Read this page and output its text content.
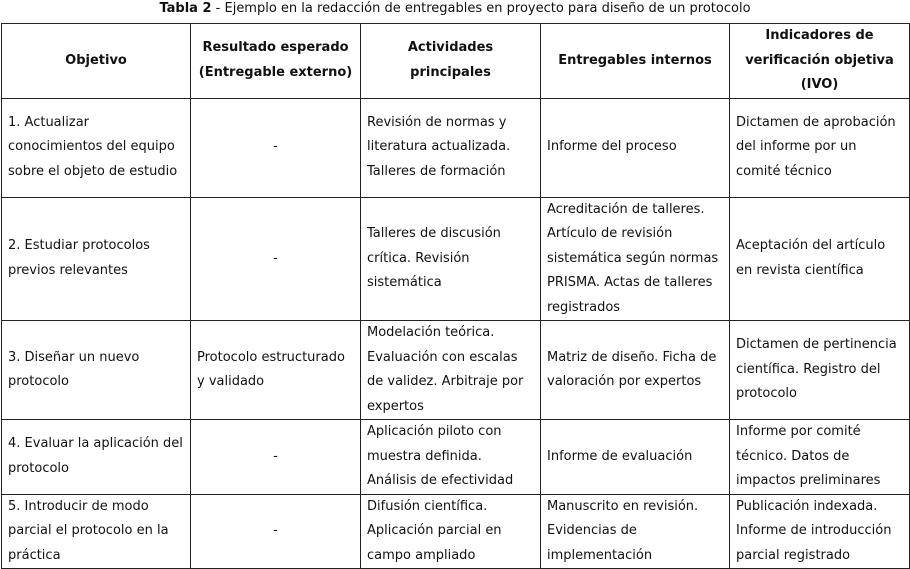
Tabla 2 - Ejemplo en la redacción de entregables en proyecto para diseño de un protocolo
Objetivo	Resultado esperado (Entregable externo)	Actividades principales	Entregables internos	Indicadores de verificación objetiva (IVO)
1. Actualizar conocimientos del equipo sobre el objeto de estudio	-	Revisión de normas y literatura actualizada. Talleres de formación	Informe del proceso	Dictamen de aprobación del informe por un comité técnico
2. Estudiar protocolos previos relevantes	-	Talleres de discusión crítica. Revisión sistemática	Acreditación de talleres. Artículo de revisión sistemática según normas PRISMA. Actas de talleres registrados	Aceptación del artículo en revista científica
3. Diseñar un nuevo protocolo	Protocolo estructurado y validado	Modelación teórica. Evaluación con escalas de validez. Arbitraje por expertos	Matriz de diseño. Ficha de valoración por expertos	Dictamen de pertinencia científica. Registro del protocolo
4. Evaluar la aplicación del protocolo	-	Aplicación piloto con muestra definida. Análisis de efectividad	Informe de evaluación	Informe por comité técnico. Datos de impactos preliminares
5. Introducir de modo parcial el protocolo en la práctica	-	Difusión científica. Aplicación parcial en campo ampliado	Manuscrito en revisión. Evidencias de implementación	Publicación indexada. Informe de introducción parcial registrado
